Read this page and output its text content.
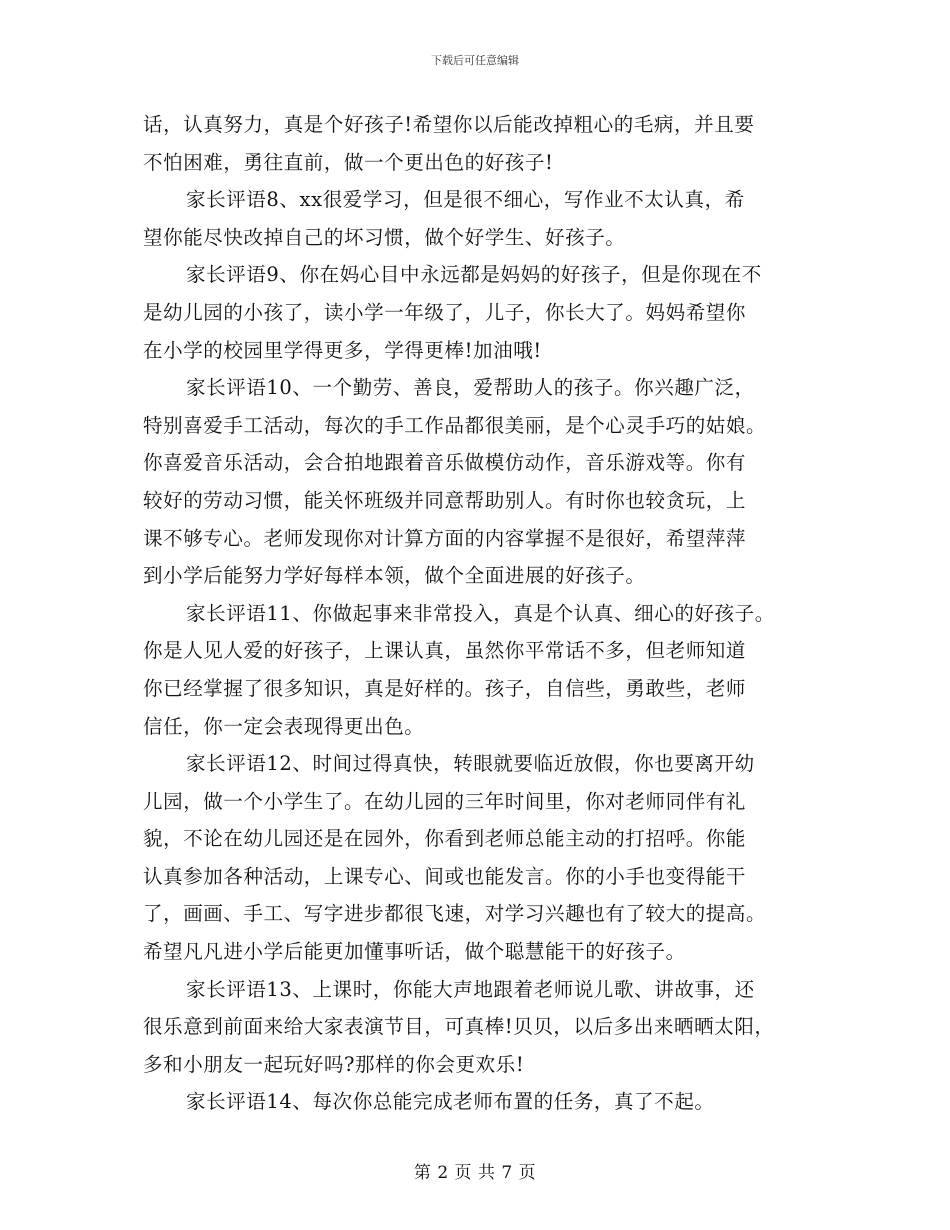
下载后可任意编辑
话，认真努力，真是个好孩子!希望你以后能改掉粗心的毛病，并且要
不怕困难，勇往直前，做一个更出色的好孩子!
家长评语8、xx很爱学习，但是很不细心，写作业不太认真，希
望你能尽快改掉自己的坏习惯，做个好学生、好孩子。
家长评语9、你在妈心目中永远都是妈妈的好孩子，但是你现在不
是幼儿园的小孩了，读小学一年级了，儿子，你长大了。妈妈希望你
在小学的校园里学得更多，学得更棒!加油哦!
家长评语10、一个勤劳、善良，爱帮助人的孩子。你兴趣广泛，
特别喜爱手工活动，每次的手工作品都很美丽，是个心灵手巧的姑娘。
你喜爱音乐活动，会合拍地跟着音乐做模仿动作，音乐游戏等。你有
较好的劳动习惯，能关怀班级并同意帮助别人。有时你也较贪玩，上
课不够专心。老师发现你对计算方面的内容掌握不是很好，希望萍萍
到小学后能努力学好每样本领，做个全面进展的好孩子。
家长评语11、你做起事来非常投入，真是个认真、细心的好孩子。
你是人见人爱的好孩子，上课认真，虽然你平常话不多，但老师知道
你已经掌握了很多知识，真是好样的。孩子，自信些，勇敢些，老师
信任，你一定会表现得更出色。
家长评语12、时间过得真快，转眼就要临近放假，你也要离开幼
儿园，做一个小学生了。在幼儿园的三年时间里，你对老师同伴有礼
貌，不论在幼儿园还是在园外，你看到老师总能主动的打招呼。你能
认真参加各种活动，上课专心、间或也能发言。你的小手也变得能干
了，画画、手工、写字进步都很飞速，对学习兴趣也有了较大的提高。
希望凡凡进小学后能更加懂事听话，做个聪慧能干的好孩子。
家长评语13、上课时，你能大声地跟着老师说儿歌、讲故事，还
很乐意到前面来给大家表演节目，可真棒!贝贝，以后多出来晒晒太阳，
多和小朋友一起玩好吗?那样的你会更欢乐!
家长评语14、每次你总能完成老师布置的任务，真了不起。
第 2 页 共 7 页
